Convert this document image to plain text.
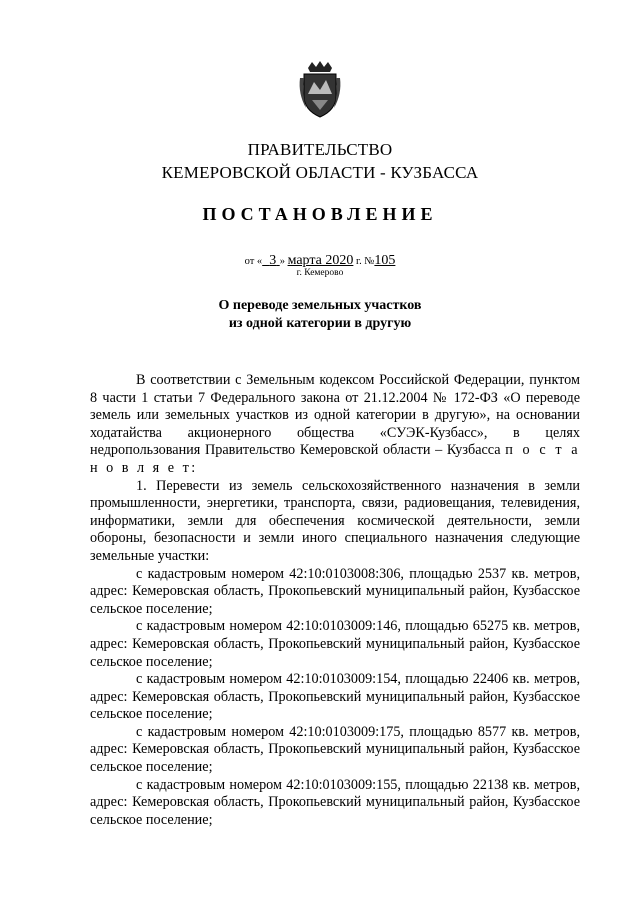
ПРАВИТЕЛЬСТВО
КЕМЕРОВСКОЙ ОБЛАСТИ - КУЗБАССА
ПОСТАНОВЛЕНИЕ
от « 3 » марта 2020 г. №105
г. Кемерово
О переводе земельных участков
из одной категории в другую

В соответствии с Земельным кодексом Российской Федерации, пунктом 8 части 1 статьи 7 Федерального закона от 21.12.2004 № 172-ФЗ «О переводе земель или земельных участков из одной категории в другую», на основании ходатайства акционерного общества «СУЭК-Кузбасс», в целях недропользования Правительство Кемеровской области – Кузбасса п о с т а н о в л я е т:

1. Перевести из земель сельскохозяйственного назначения в земли промышленности, энергетики, транспорта, связи, радиовещания, телевидения, информатики, земли для обеспечения космической деятельности, земли обороны, безопасности и земли иного специального назначения следующие земельные участки:

с кадастровым номером 42:10:0103008:306, площадью 2537 кв. метров, адрес: Кемеровская область, Прокопьевский муниципальный район, Кузбасское сельское поселение;

с кадастровым номером 42:10:0103009:146, площадью 65275 кв. метров, адрес: Кемеровская область, Прокопьевский муниципальный район, Кузбасское сельское поселение;

с кадастровым номером 42:10:0103009:154, площадью 22406 кв. метров, адрес: Кемеровская область, Прокопьевский муниципальный район, Кузбасское сельское поселение;

с кадастровым номером 42:10:0103009:175, площадью 8577 кв. метров, адрес: Кемеровская область, Прокопьевский муниципальный район, Кузбасское сельское поселение;

с кадастровым номером 42:10:0103009:155, площадью 22138 кв. метров, адрес: Кемеровская область, Прокопьевский муниципальный район, Кузбасское сельское поселение;
